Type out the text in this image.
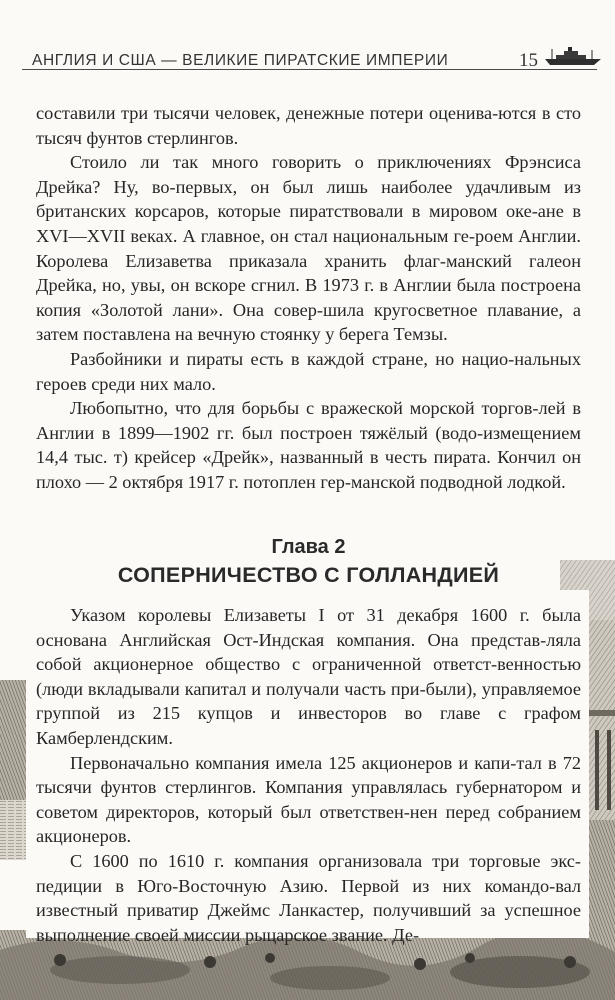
АНГЛИЯ И США — ВЕЛИКИЕ ПИРАТСКИЕ ИМПЕРИИ	15

составили три тысячи человек, денежные потери оценива-ются в сто тысяч фунтов стерлингов.

Стоило ли так много говорить о приключениях Фрэнсиса Дрейка? Ну, во-первых, он был лишь наиболее удачливым из британских корсаров, которые пиратствовали в мировом оке-ане в XVI—XVII веках. А главное, он стал национальным ге-роем Англии. Королева Елизаветва приказала хранить флаг-манский галеон Дрейка, но, увы, он вскоре сгнил. В 1973 г. в Англии была построена копия «Золотой лани». Она совер-шила кругосветное плавание, а затем поставлена на вечную стоянку у берега Темзы.

Разбойники и пираты есть в каждой стране, но нацио-нальных героев среди них мало.

Любопытно, что для борьбы с вражеской морской торгов-лей в Англии в 1899—1902 гг. был построен тяжёлый (водо-измещением 14,4 тыс. т) крейсер «Дрейк», названный в честь пирата. Кончил он плохо — 2 октября 1917 г. потоплен гер-манской подводной лодкой.

Глава 2
СОПЕРНИЧЕСТВО С ГОЛЛАНДИЕЙ

Указом королевы Елизаветы I от 31 декабря 1600 г. была основана Английская Ост-Индская компания. Она представ-ляла собой акционерное общество с ограниченной ответст-венностью (люди вкладывали капитал и получали часть при-были), управляемое группой из 215 купцов и инвесторов во главе с графом Камберлендским.

Первоначально компания имела 125 акционеров и капи-тал в 72 тысячи фунтов стерлингов. Компания управлялась губернатором и советом директоров, который был ответствен-нен перед собранием акционеров.

С 1600 по 1610 г. компания организовала три торговые экс-педиции в Юго-Восточную Азию. Первой из них командо-вал известный приватир Джеймс Ланкастер, получивший за успешное выполнение своей миссии рыцарское звание. Де-
